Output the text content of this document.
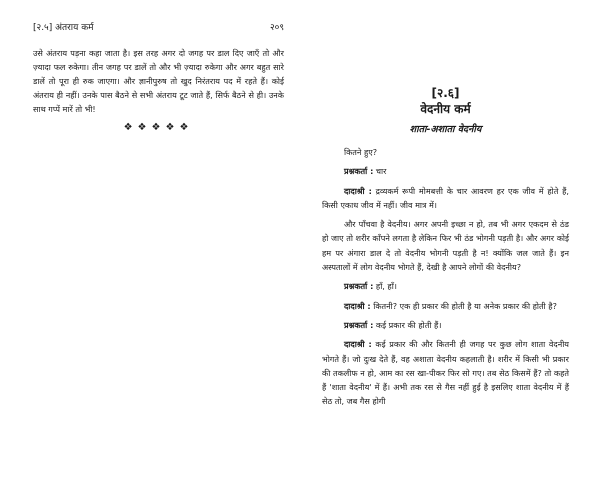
[२.५] अंतराय कर्म	२०९

उसे अंतराय पड़ना कहा जाता है। इस तरह अगर दो जगह पर डाल दिए जाएँ तो और ज़्यादा फल रुकेगा। तीन जगह पर डालें तो और भी ज़्यादा रुकेगा और अगर बहुत सारे डालें तो पूरा ही रुक जाएगा। और ज्ञानीपुरुष तो खुद निरंतराय पद में रहते हैं। कोई अंतराय ही नहीं। उनके पास बैठने से सभी अंतराय टूट जाते हैं, सिर्फ बैठने से ही। उनके साथ गप्पें मारें तो भी!

❖❖❖❖❖
[२.६]
वेदनीय कर्म
शाता-अशाता वेदनीय

कितने हुए?

प्रश्नकर्ता : चार

दादाश्री : द्रव्यकर्म रूपी मोमबत्ती के चार आवरण हर एक जीव में होते हैं, किसी एकाध जीव में नहीं। जीव मात्र में।

और पाँचवा है वेदनीय। अगर अपनी इच्छा न हो, तब भी अगर एकदम से ठंड हो जाए तो शरीर काँपने लगता है लेकिन फिर भी ठंड भोगनी पड़ती है। और अगर कोई हम पर अंगारा डाल दे तो वेदनीय भोगनी पड़ती है न! क्योंकि जल जाते हैं। इन अस्पतालों में लोग वेदनीय भोगते हैं, देखी है आपने लोगों की वेदनीय?

प्रश्नकर्ता : हाँ, हाँ।

दादाश्री : कितनी? एक ही प्रकार की होती है या अनेक प्रकार की होती है?

प्रश्नकर्ता : कई प्रकार की होती हैं।

दादाश्री : कई प्रकार की और कितनी ही जगह पर कुछ लोग शाता वेदनीय भोगते हैं। जो दुःख देते हैं, वह अशाता वेदनीय कहलाती है। शरीर में किसी भी प्रकार की तकलीफ न हो, आम का रस खा-पीकर फिर सो गए। तब सेठ किसमें हैं? तो कहते हैं 'शाता वेदनीय' में हैं। अभी तक रस से गैस नहीं हुई है इसलिए शाता वेदनीय में हैं सेठ तो, जब गैस होगी
